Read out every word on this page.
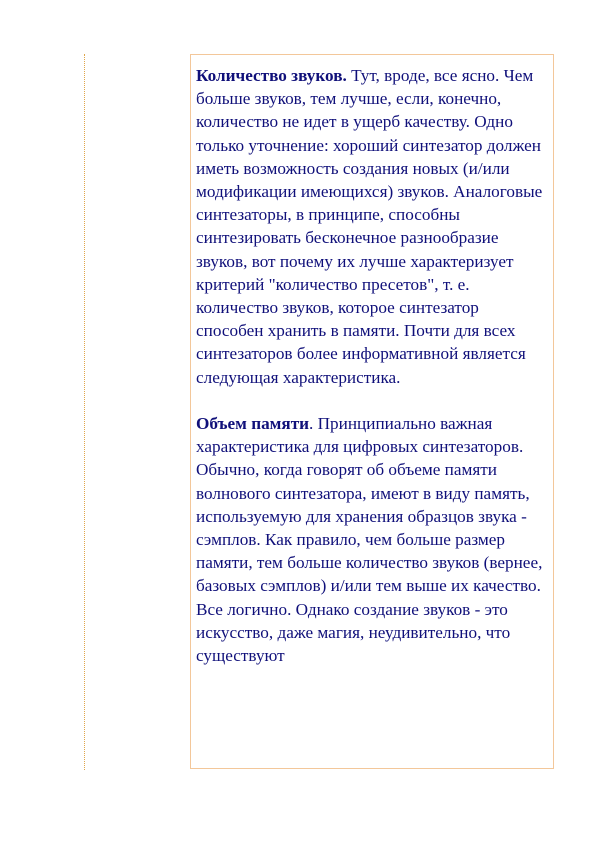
Количество звуков. Тут, вроде, все ясно. Чем больше звуков, тем лучше, если, конечно, количество не идет в ущерб качеству. Одно только уточнение: хороший синтезатор должен иметь возможность создания новых (и/или модификации имеющихся) звуков. Аналоговые синтезаторы, в принципе, способны синтезировать бесконечное разнообразие звуков, вот почему их лучше характеризует критерий "количество пресетов", т. е. количество звуков, которое синтезатор способен хранить в памяти. Почти для всех синтезаторов более информативной является следующая характеристика.

Объем памяти. Принципиально важная характеристика для цифровых синтезаторов. Обычно, когда говорят об объеме памяти волнового синтезатора, имеют в виду память, используемую для хранения образцов звука - сэмплов. Как правило, чем больше размер памяти, тем больше количество звуков (вернее, базовых сэмплов) и/или тем выше их качество. Все логично. Однако создание звуков - это искусство, даже магия, неудивительно, что существуют
